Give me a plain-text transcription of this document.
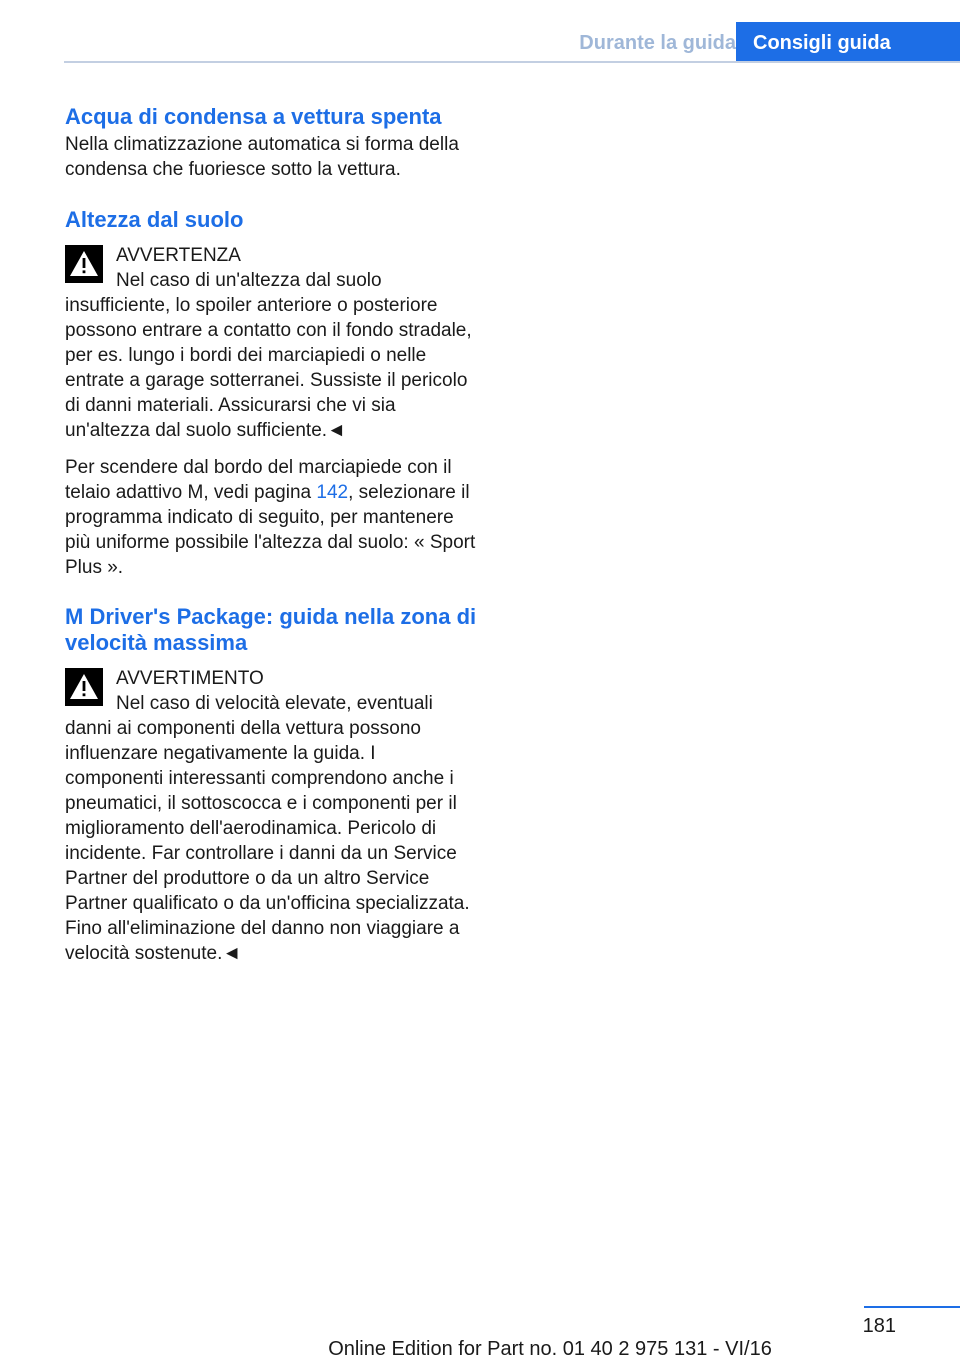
Durante la guida Consigli guida
Acqua di condensa a vettura spenta

Nella climatizzazione automatica si forma della condensa che fuoriesce sotto la vettura.

Altezza dal suolo

AVVERTENZA

Nel caso di un'altezza dal suolo insufficiente, lo spoiler anteriore o posteriore possono entrare a contatto con il fondo stradale, per es. lungo i bordi dei marciapiedi o nelle entrate a garage sotterranei. Sussiste il pericolo di danni materiali. Assicurarsi che vi sia un'altezza dal suolo sufficiente.◄

Per scendere dal bordo del marciapiede con il telaio adattivo M, vedi pagina 142, selezionare il programma indicato di seguito, per mantenere più uniforme possibile l'altezza dal suolo: « Sport Plus ».

M Driver's Package: guida nella zona di velocità massima

AVVERTIMENTO

Nel caso di velocità elevate, eventuali danni ai componenti della vettura possono influenzare negativamente la guida. I componenti interessanti comprendono anche i pneumatici, il sottoscocca e i componenti per il miglioramento dell'aerodinamica. Pericolo di incidente. Far controllare i danni da un Service Partner del produttore o da un altro Service Partner qualificato o da un'officina specializzata. Fino all'eliminazione del danno non viaggiare a velocità sostenute.◄

181
Online Edition for Part no. 01 40 2 975 131 - VI/16
